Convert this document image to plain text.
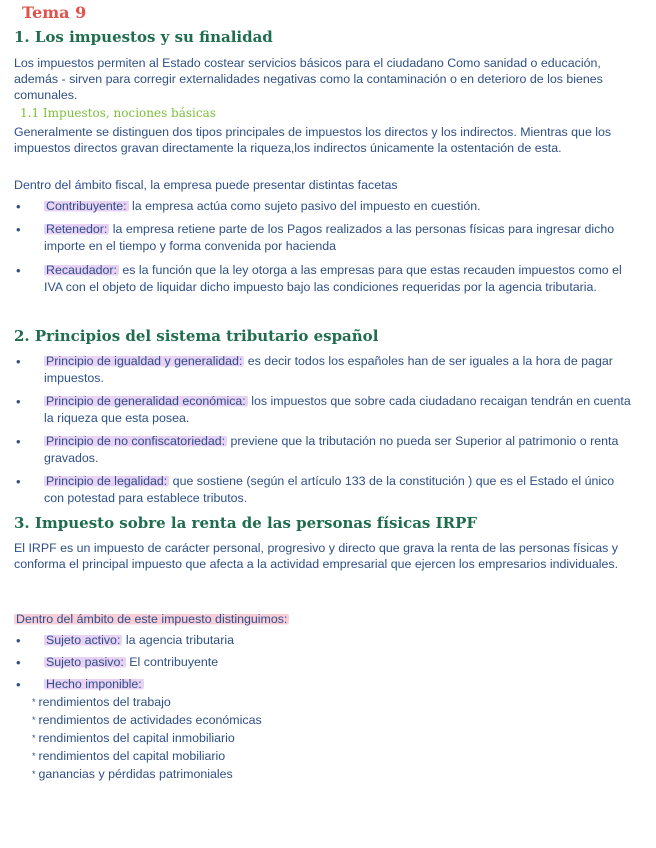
Tema 9
1. Los impuestos y su finalidad
Los impuestos permiten al Estado costear servicios básicos para el ciudadano Como sanidad o educación, además - sirven para corregir externalidades negativas como la contaminación o en deterioro de los bienes comunales.
1.1 Impuestos, nociones básicas
Generalmente se distinguen dos tipos principales de impuestos los directos y los indirectos. Mientras que los impuestos directos gravan directamente la riqueza,los indirectos únicamente la ostentación de esta.
Dentro del ámbito fiscal, la empresa puede presentar distintas facetas
• Contribuyente: la empresa actúa como sujeto pasivo del impuesto en cuestión.
• Retenedor: la empresa retiene parte de los Pagos realizados a las personas físicas para ingresar dicho importe en el tiempo y forma convenida por hacienda
• Recaudador: es la función que la ley otorga a las empresas para que estas recauden impuestos como el IVA con el objeto de liquidar dicho impuesto bajo las condiciones requeridas por la agencia tributaria.
2. Principios del sistema tributario español
• Principio de igualdad y generalidad: es decir todos los españoles han de ser iguales a la hora de pagar impuestos.
• Principio de generalidad económica: los impuestos que sobre cada ciudadano recaigan tendrán en cuenta la riqueza que esta posea.
• Principio de no confiscatoriedad: previene que la tributación no pueda ser Superior al patrimonio o renta gravados.
• Principio de legalidad: que sostiene (según el artículo 133 de la constitución ) que es el Estado el único con potestad para establece tributos.
3. Impuesto sobre la renta de las personas físicas IRPF
El IRPF es un impuesto de carácter personal, progresivo y directo que grava la renta de las personas físicas y conforma el principal impuesto que afecta a la actividad empresarial que ejercen los empresarios individuales.
Dentro del ámbito de este impuesto distinguimos:
• Sujeto activo: la agencia tributaria
• Sujeto pasivo: El contribuyente
• Hecho imponible:
* rendimientos del trabajo
* rendimientos de actividades económicas
* rendimientos del capital inmobiliario
* rendimientos del capital mobiliario
* ganancias y pérdidas patrimoniales
